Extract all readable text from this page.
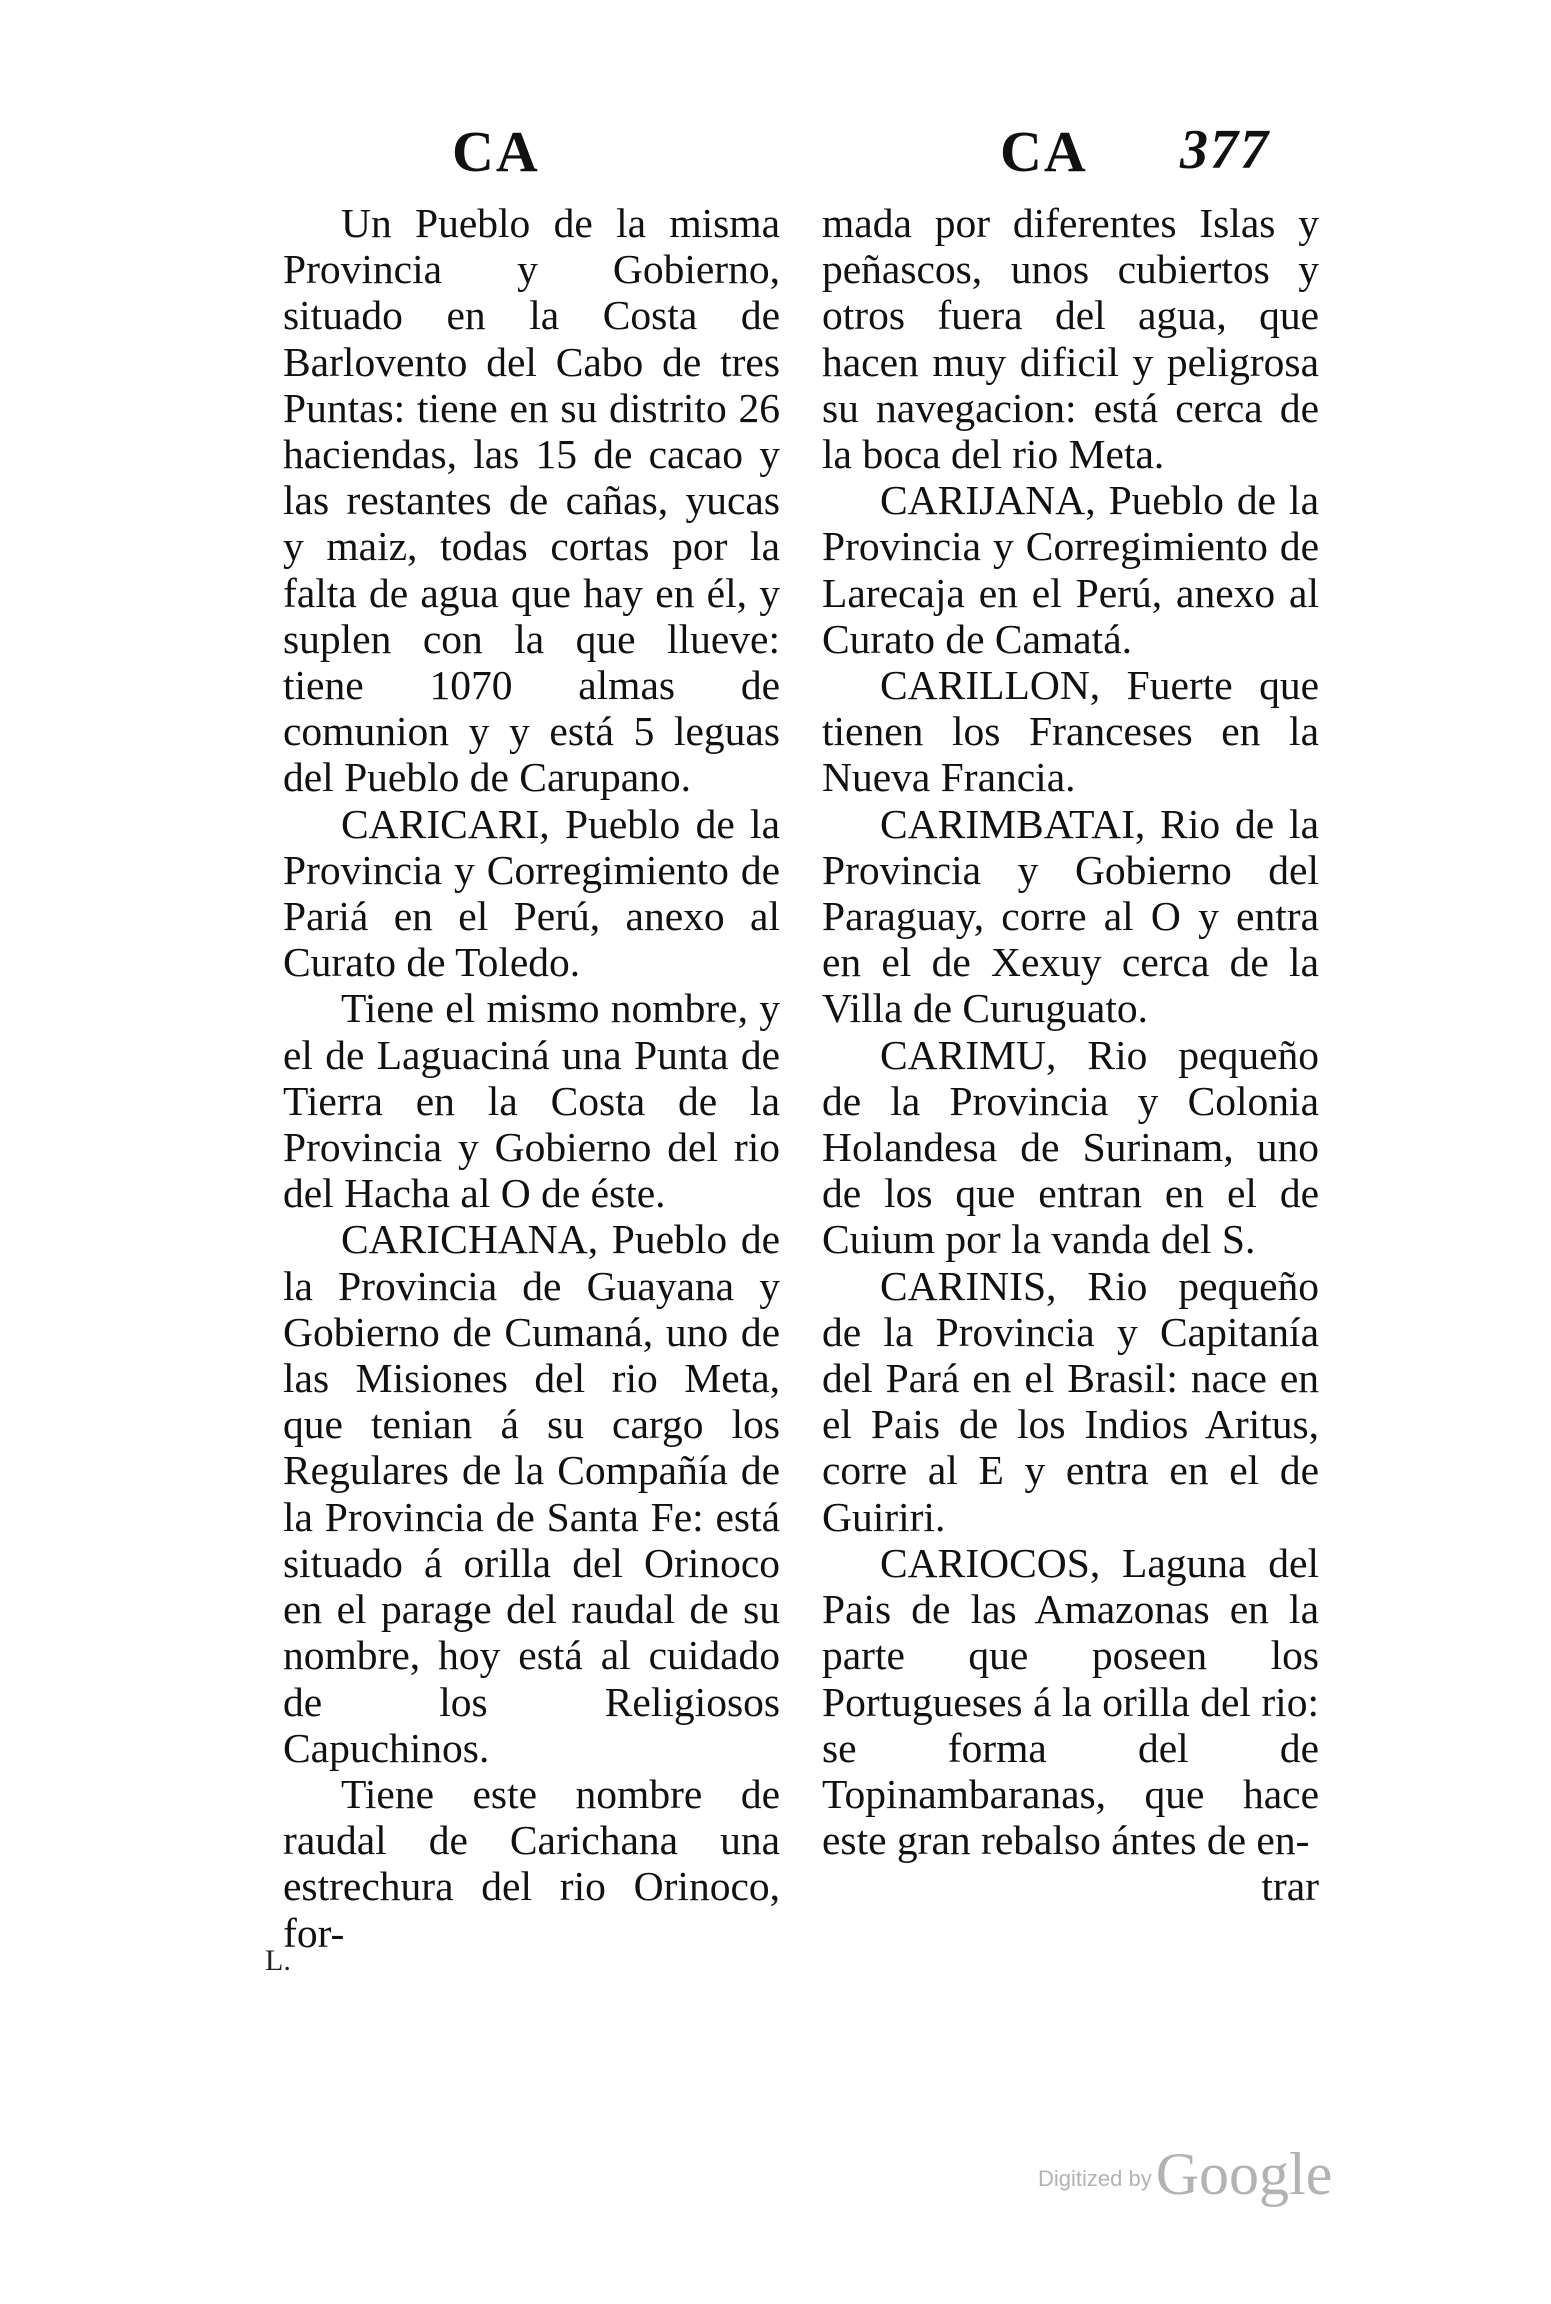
CA	CA 377

Un Pueblo de la misma Provincia y Gobierno, situado en la Costa de Barlovento del Cabo de tres Puntas: tiene en su distrito 26 haciendas, las 15 de cacao y las restantes de cañas, yucas y maiz, todas cortas por la falta de agua que hay en él, y suplen con la que llueve: tiene 1070 almas de comunion y y está 5 leguas del Pueblo de Carupano.

CARICARI, Pueblo de la Provincia y Corregimiento de Pariá en el Perú, anexo al Curato de Toledo.

Tiene el mismo nombre, y el de Laguaciná una Punta de Tierra en la Costa de la Provincia y Gobierno del rio del Hacha al O de éste.

CARICHANA, Pueblo de la Provincia de Guayana y Gobierno de Cumaná, uno de las Misiones del rio Meta, que tenian á su cargo los Regulares de la Compañía de la Provincia de Santa Fe: está situado á orilla del Orinoco en el parage del raudal de su nombre, hoy está al cuidado de los Religiosos Capuchinos.

Tiene este nombre de raudal de Carichana una estrechura del rio Orinoco, for-

mada por diferentes Islas y peñascos, unos cubiertos y otros fuera del agua, que hacen muy dificil y peligrosa su navegacion: está cerca de la boca del rio Meta.

CARIJANA, Pueblo de la Provincia y Corregimiento de Larecaja en el Perú, anexo al Curato de Camatá.

CARILLON, Fuerte que tienen los Franceses en la Nueva Francia.

CARIMBATAI, Rio de la Provincia y Gobierno del Paraguay, corre al O y entra en el de Xexuy cerca de la Villa de Curuguato.

CARIMU, Rio pequeño de la Provincia y Colonia Holandesa de Surinam, uno de los que entran en el de Cuium por la vanda del S.

CARINIS, Rio pequeño de la Provincia y Capitanía del Pará en el Brasil: nace en el Pais de los Indios Aritus, corre al E y entra en el de Guiriri.

CARIOCOS, Laguna del Pais de las Amazonas en la parte que poseen los Portugueses á la orilla del rio: se forma del de Topinambaranas, que hace este gran rebalso ántes de en-

trar

L.
Digitized by Google
